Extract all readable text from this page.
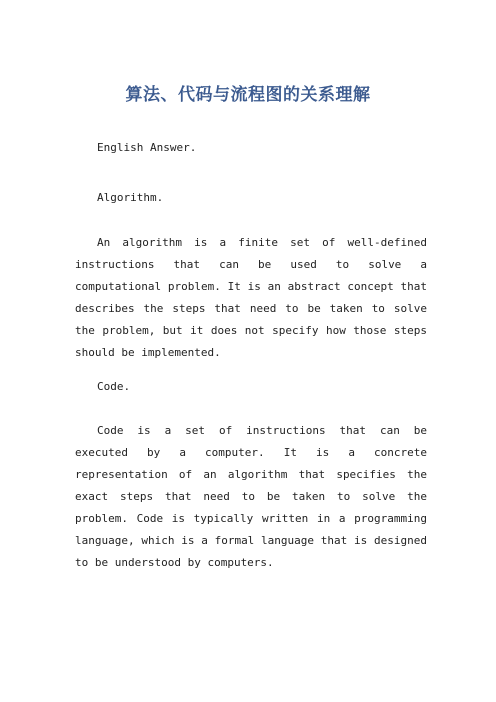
算法、代码与流程图的关系理解

English Answer.

Algorithm.

An algorithm is a finite set of well-defined instructions that can be used to solve a computational problem. It is an abstract concept that describes the steps that need to be taken to solve the problem, but it does not specify how those steps should be implemented.

Code.

Code is a set of instructions that can be executed by a computer. It is a concrete representation of an algorithm that specifies the exact steps that need to be taken to solve the problem. Code is typically written in a programming language, which is a formal language that is designed to be understood by computers.
